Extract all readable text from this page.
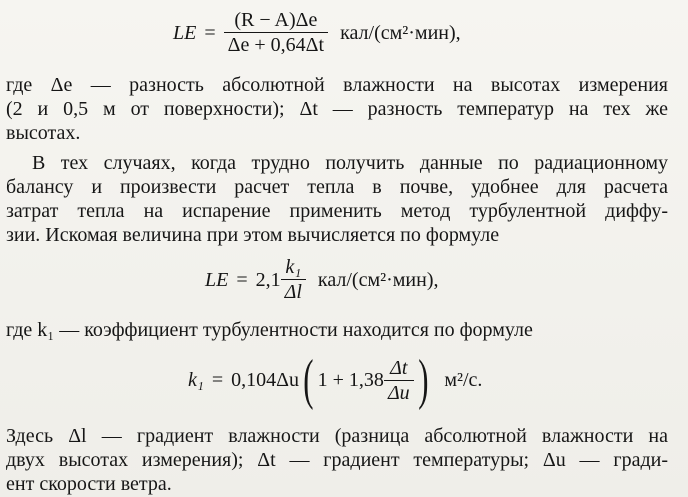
LE = $\frac{(R - A)\Delta e}{\Delta e + 0,64\Delta t} кал/(см^2\cdot мин)$,
где Δe — разность абсолютной влажности на высотах измерения
(2 и 0,5 м от поверхности); Δt — разность температур на тех же
высотах.
В тех случаях, когда трудно получить данные по радиационному
балансу и произвести расчет тепла в почве, удобнее для расчета
затрат тепла на испарение применить метод турбулентной диффу-
зии. Искомая величина при этом вычисляется по формуле
LE = $2,1 \frac{\text{k₁}}{\Delta l} кал/(см^2\cdot мин)$,
где k₁ — коэффициент турбулентности находится по формуле
k₁ = 0,104Δu ( $1 + 1,38 \frac{\Delta t}{\Delta u}$ ) м²/с.
Здесь Δl — градиент влажности (разница абсолютной влажности на
двух высотах измерения); Δt — градиент температуры; Δu — гради-
ент скорости ветра.
